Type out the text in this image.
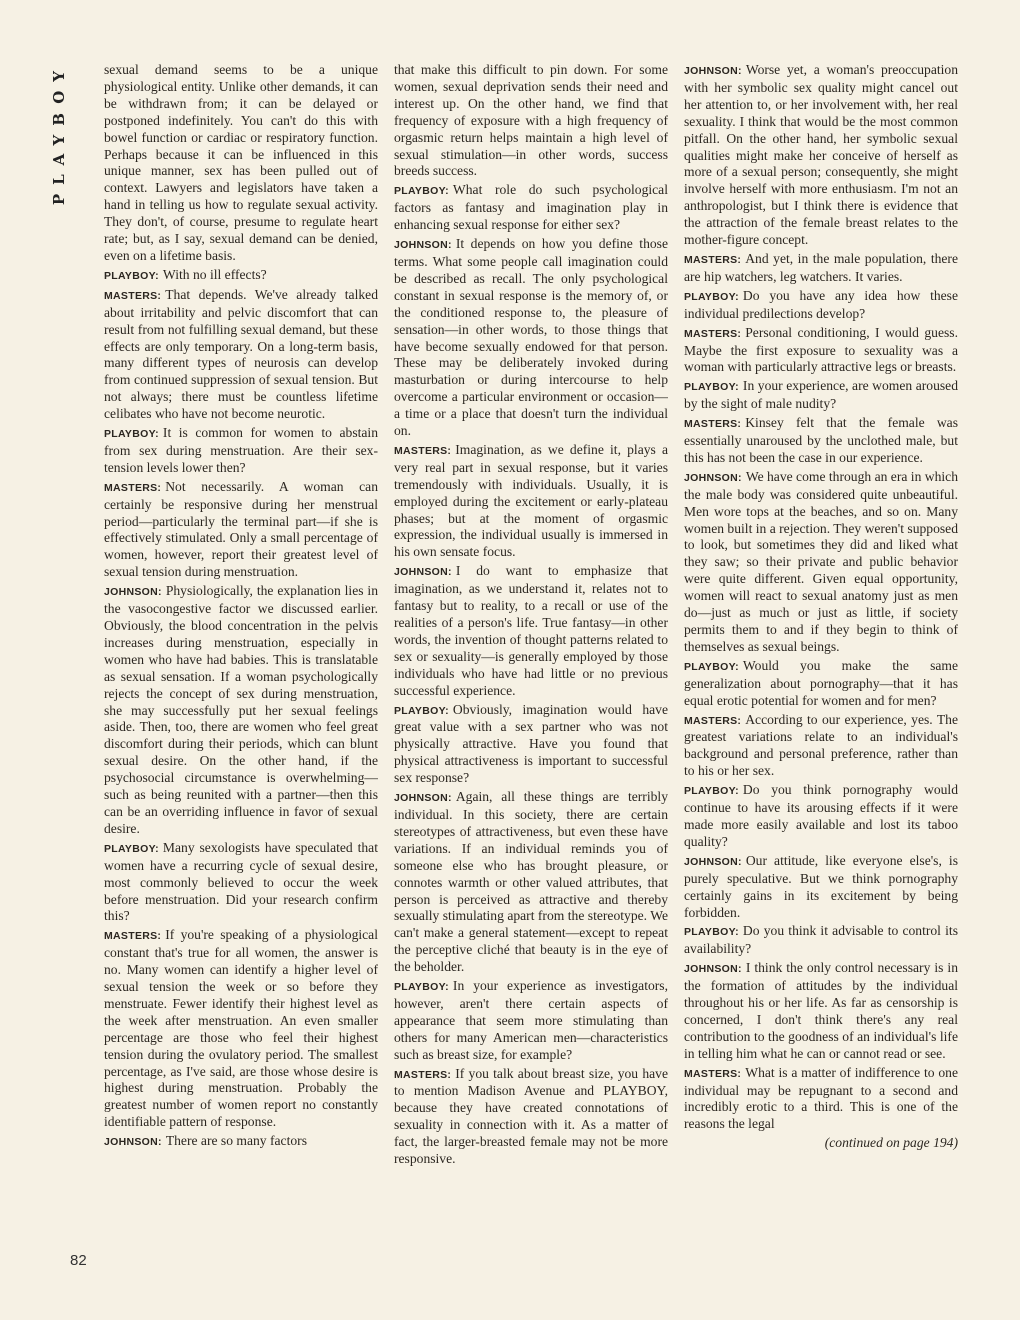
PLAYBOY	sexual demand seems to be a unique physiological entity. Unlike other demands, it can be withdrawn from; it can be delayed or postponed indefinitely. You can't do this with bowel function or cardiac or respiratory function. Perhaps because it can be influenced in this unique manner, sex has been pulled out of context. Lawyers and legislators have taken a hand in telling us how to regulate sexual activity. They don't, of course, presume to regulate heart rate; but, as I say, sexual demand can be denied, even on a lifetime basis.

PLAYBOY: With no ill effects?

MASTERS: That depends. We've already talked about irritability and pelvic discomfort that can result from not fulfilling sexual demand, but these effects are only temporary. On a long-term basis, many different types of neurosis can develop from continued suppression of sexual tension. But not always; there must be countless lifetime celibates who have not become neurotic.

PLAYBOY: It is common for women to abstain from sex during menstruation. Are their sex-tension levels lower then?

MASTERS: Not necessarily. A woman can certainly be responsive during her menstrual period—particularly the terminal part—if she is effectively stimulated. Only a small percentage of women, however, report their greatest level of sexual tension during menstruation.

JOHNSON: Physiologically, the explanation lies in the vasocongestive factor we discussed earlier. Obviously, the blood concentration in the pelvis increases during menstruation, especially in women who have had babies. This is translatable as sexual sensation. If a woman psychologically rejects the concept of sex during menstruation, she may successfully put her sexual feelings aside. Then, too, there are women who feel great discomfort during their periods, which can blunt sexual desire. On the other hand, if the psychosocial circumstance is overwhelming—such as being reunited with a partner—then this can be an overriding influence in favor of sexual desire.

PLAYBOY: Many sexologists have speculated that women have a recurring cycle of sexual desire, most commonly believed to occur the week before menstruation. Did your research confirm this?

MASTERS: If you're speaking of a physiological constant that's true for all women, the answer is no. Many women can identify a higher level of sexual tension the week or so before they menstruate. Fewer identify their highest level as the week after menstruation. An even smaller percentage are those who feel their highest tension during the ovulatory period. The smallest percentage, as I've said, are those whose desire is highest during menstruation. Probably the greatest number of women report no constantly identifiable pattern of response.

JOHNSON: There are so many factors

that make this difficult to pin down. For some women, sexual deprivation sends their need and interest up. On the other hand, we find that frequency of exposure with a high frequency of orgasmic return helps maintain a high level of sexual stimulation—in other words, success breeds success.

PLAYBOY: What role do such psychological factors as fantasy and imagination play in enhancing sexual response for either sex?

JOHNSON: It depends on how you define those terms. What some people call imagination could be described as recall. The only psychological constant in sexual response is the memory of, or the conditioned response to, the pleasure of sensation—in other words, to those things that have become sexually endowed for that person. These may be deliberately invoked during masturbation or during intercourse to help overcome a particular environment or occasion—a time or a place that doesn't turn the individual on.

MASTERS: Imagination, as we define it, plays a very real part in sexual response, but it varies tremendously with individuals. Usually, it is employed during the excitement or early-plateau phases; but at the moment of orgasmic expression, the individual usually is immersed in his own sensate focus.

JOHNSON: I do want to emphasize that imagination, as we understand it, relates not to fantasy but to reality, to a recall or use of the realities of a person's life. True fantasy—in other words, the invention of thought patterns related to sex or sexuality—is generally employed by those individuals who have had little or no previous successful experience.

PLAYBOY: Obviously, imagination would have great value with a sex partner who was not physically attractive. Have you found that physical attractiveness is important to successful sex response?

JOHNSON: Again, all these things are terribly individual. In this society, there are certain stereotypes of attractiveness, but even these have variations. If an individual reminds you of someone else who has brought pleasure, or connotes warmth or other valued attributes, that person is perceived as attractive and thereby sexually stimulating apart from the stereotype. We can't make a general statement—except to repeat the perceptive cliché that beauty is in the eye of the beholder.

PLAYBOY: In your experience as investigators, however, aren't there certain aspects of appearance that seem more stimulating than others for many American men—characteristics such as breast size, for example?

MASTERS: If you talk about breast size, you have to mention Madison Avenue and PLAYBOY, because they have created connotations of sexuality in connection with it. As a matter of fact, the larger-breasted female may not be more responsive.

JOHNSON: Worse yet, a woman's preoccupation with her symbolic sex quality might cancel out her attention to, or her involvement with, her real sexuality. I think that would be the most common pitfall. On the other hand, her symbolic sexual qualities might make her conceive of herself as more of a sexual person; consequently, she might involve herself with more enthusiasm. I'm not an anthropologist, but I think there is evidence that the attraction of the female breast relates to the mother-figure concept.

MASTERS: And yet, in the male population, there are hip watchers, leg watchers. It varies.

PLAYBOY: Do you have any idea how these individual predilections develop?

MASTERS: Personal conditioning, I would guess. Maybe the first exposure to sexuality was a woman with particularly attractive legs or breasts.

PLAYBOY: In your experience, are women aroused by the sight of male nudity?

MASTERS: Kinsey felt that the female was essentially unaroused by the unclothed male, but this has not been the case in our experience.

JOHNSON: We have come through an era in which the male body was considered quite unbeautiful. Men wore tops at the beaches, and so on. Many women built in a rejection. They weren't supposed to look, but sometimes they did and liked what they saw; so their private and public behavior were quite different. Given equal opportunity, women will react to sexual anatomy just as men do—just as much or just as little, if society permits them to and if they begin to think of themselves as sexual beings.

PLAYBOY: Would you make the same generalization about pornography—that it has equal erotic potential for women and for men?

MASTERS: According to our experience, yes. The greatest variations relate to an individual's background and personal preference, rather than to his or her sex.

PLAYBOY: Do you think pornography would continue to have its arousing effects if it were made more easily available and lost its taboo quality?

JOHNSON: Our attitude, like everyone else's, is purely speculative. But we think pornography certainly gains in its excitement by being forbidden.

PLAYBOY: Do you think it advisable to control its availability?

JOHNSON: I think the only control necessary is in the formation of attitudes by the individual throughout his or her life. As far as censorship is concerned, I don't think there's any real contribution to the goodness of an individual's life in telling him what he can or cannot read or see.

MASTERS: What is a matter of indifference to one individual may be repugnant to a second and incredibly erotic to a third. This is one of the reasons the legal

(continued on page 194)
82
